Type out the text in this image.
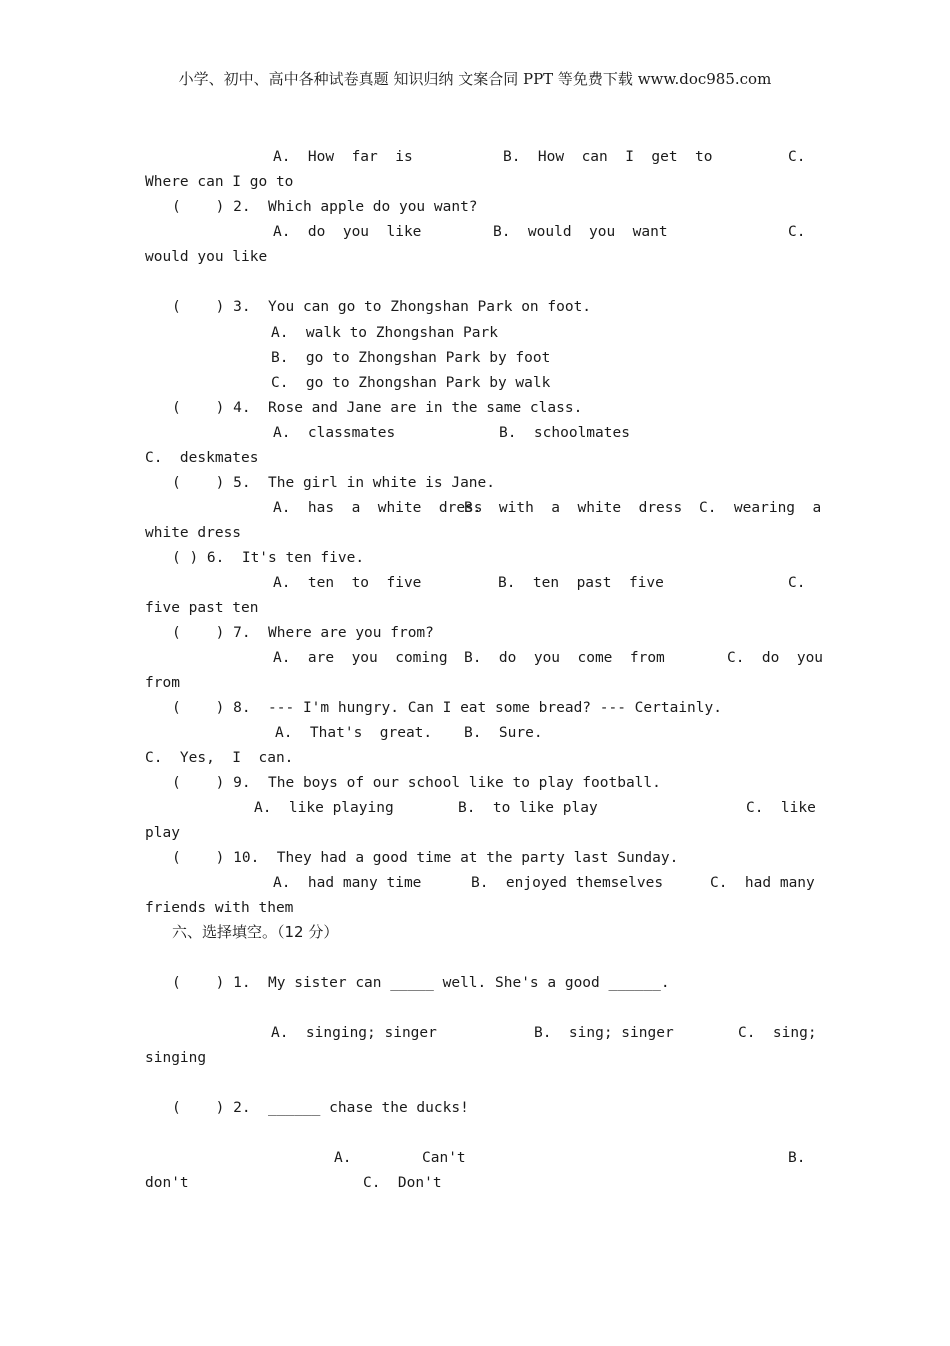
小学、初中、高中各种试卷真题 知识归纳 文案合同 PPT 等免费下载 www.doc985.com
A.  How  far  is	B.  How  can  I  get  to	C.
Where can I go to
(    ) 2.  Which apple do you want?
A.  do  you  like	B.  would  you  want	C.
would you like
(    ) 3.  You can go to Zhongshan Park on foot.
A.  walk to Zhongshan Park
B.  go to Zhongshan Park by foot
C.  go to Zhongshan Park by walk
(    ) 4.  Rose and Jane are in the same class.
A.  classmates	B.  schoolmates
C.  deskmates
(    ) 5.  The girl in white is Jane.
A.  has  a  white  dress
B.  with  a  white  dress C.  wearing  a
white dress
( ) 6.  It's ten five.
A.  ten  to  five	B.  ten  past  five	C.
five past ten
(    ) 7.  Where are you from?
A.  are  you  coming B.  do  you  come  from	C.  do  you
from
(    ) 8.  --- I'm hungry. Can I eat some bread? --- Certainly.
A.  That's  great. B.  Sure.
C.  Yes,  I  can.
(    ) 9.  The boys of our school like to play football.
A.  like playing	B.  to like play	C.  like
play
(    ) 10.  They had a good time at the party last Sunday.
A.  had many time	B.  enjoyed themselves	C.  had many
friends with them
六、选择填空。（12 分）
(    ) 1.  My sister can _____ well. She's a good ______.
A.  singing; singer	B.  sing; singer	C.  sing;
singing
(    ) 2.  ______ chase the ducks!
A.	Can't	B.
don't	C.  Don't
